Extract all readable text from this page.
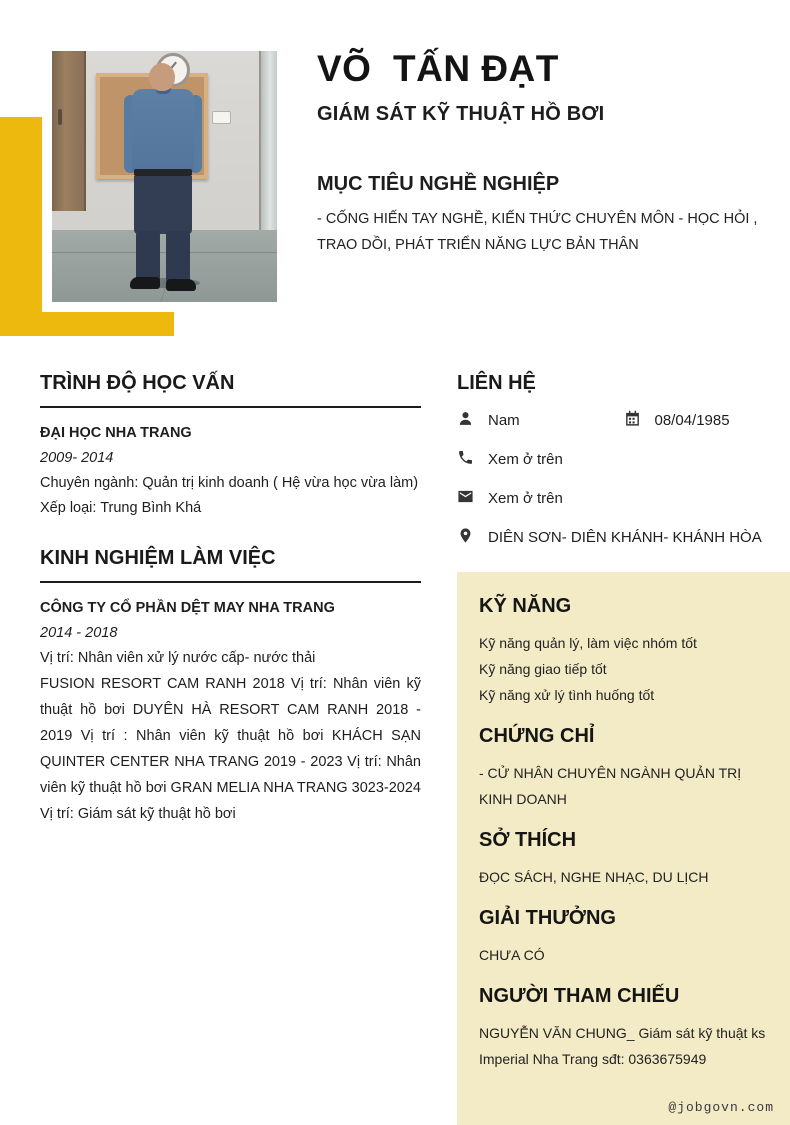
VÕ  TẤN ĐẠT
GIÁM SÁT KỸ THUẬT HỒ BƠI
MỤC TIÊU NGHỀ NGHIỆP
- CỐNG HIẾN TAY NGHỀ, KIẾN THỨC CHUYÊN MÔN - HỌC HỎI , TRAO DỒI, PHÁT TRIỂN NĂNG LỰC BẢN THÂN
TRÌNH ĐỘ HỌC VẤN
ĐẠI HỌC NHA TRANG
2009- 2014
Chuyên ngành: Quản trị kinh doanh ( Hệ vừa học vừa làm)
Xếp loại: Trung Bình Khá
KINH NGHIỆM LÀM VIỆC
CÔNG TY CỔ PHẦN DỆT MAY NHA TRANG
2014 - 2018
Vị trí: Nhân viên xử lý nước cấp- nước thải
FUSION RESORT CAM RANH 2018 Vị trí: Nhân viên kỹ thuật hồ bơi DUYÊN HÀ RESORT CAM RANH 2018 - 2019 Vị trí : Nhân viên kỹ thuật hồ bơi KHÁCH SẠN QUINTER CENTER NHA TRANG 2019 - 2023 Vị trí: Nhân viên kỹ thuật hồ bơi GRAN MELIA NHA TRANG 3023-2024 Vị trí: Giám sát kỹ thuật hồ bơi
LIÊN HỆ
Nam	08/04/1985
Xem ở trên
Xem ở trên
DIÊN SƠN- DIÊN KHÁNH- KHÁNH HÒA
KỸ NĂNG
Kỹ năng quản lý, làm việc nhóm tốt
Kỹ năng giao tiếp tốt
Kỹ năng xử lý tình huống tốt
CHỨNG CHỈ
- CỬ NHÂN CHUYÊN NGÀNH QUẢN TRỊ KINH DOANH
SỞ THÍCH
ĐỌC SÁCH, NGHE NHẠC, DU LỊCH
GIẢI THƯỞNG
CHƯA CÓ
NGƯỜI THAM CHIẾU
NGUYỄN VĂN CHUNG_ Giám sát kỹ thuật ks Imperial Nha Trang sđt: 0363675949
@jobgovn.com
